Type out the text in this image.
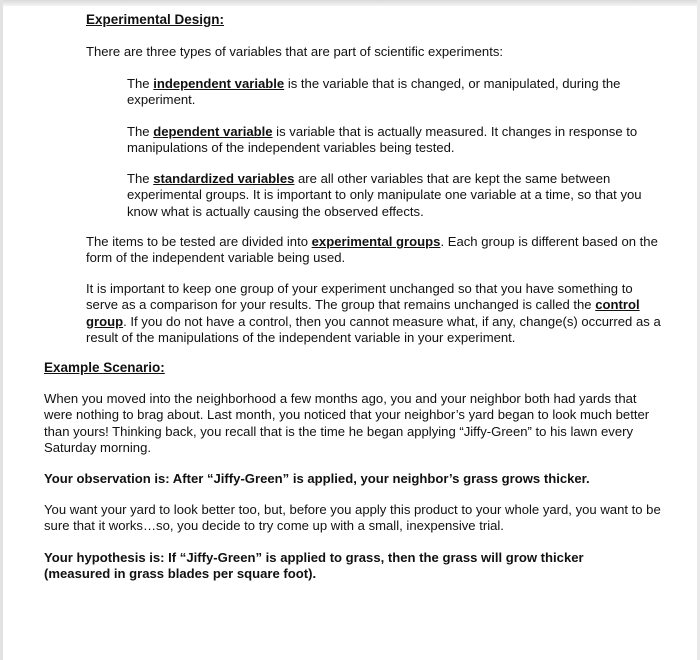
Experimental Design:

There are three types of variables that are part of scientific experiments:

The independent variable is the variable that is changed, or manipulated, during the experiment.

The dependent variable is variable that is actually measured. It changes in response to manipulations of the independent variables being tested.

The standardized variables are all other variables that are kept the same between experimental groups. It is important to only manipulate one variable at a time, so that you know what is actually causing the observed effects.

The items to be tested are divided into experimental groups. Each group is different based on the form of the independent variable being used.

It is important to keep one group of your experiment unchanged so that you have something to serve as a comparison for your results. The group that remains unchanged is called the control group. If you do not have a control, then you cannot measure what, if any, change(s) occurred as a result of the manipulations of the independent variable in your experiment.

Example Scenario:

When you moved into the neighborhood a few months ago, you and your neighbor both had yards that were nothing to brag about. Last month, you noticed that your neighbor’s yard began to look much better than yours! Thinking back, you recall that is the time he began applying “Jiffy-Green” to his lawn every Saturday morning.

Your observation is: After “Jiffy-Green” is applied, your neighbor’s grass grows thicker.

You want your yard to look better too, but, before you apply this product to your whole yard, you want to be sure that it works…so, you decide to try come up with a small, inexpensive trial.

Your hypothesis is: If “Jiffy-Green” is applied to grass, then the grass will grow thicker (measured in grass blades per square foot).
